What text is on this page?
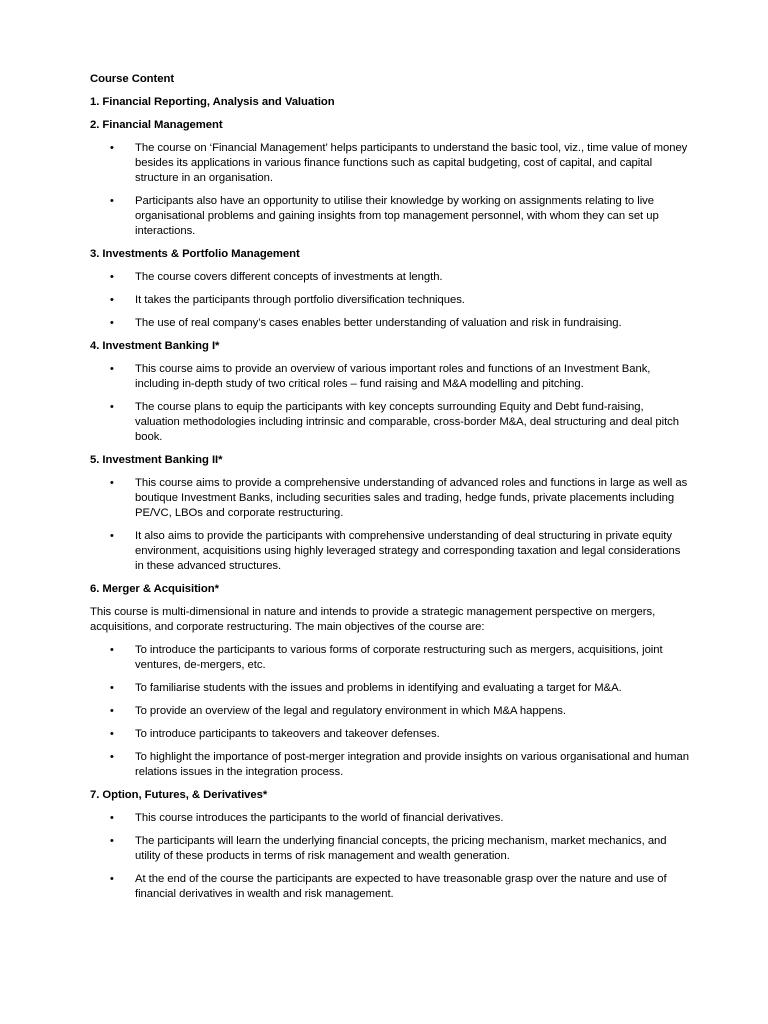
Course Content

1. Financial Reporting, Analysis and Valuation
2. Financial Management
• The course on ‘Financial Management’ helps participants to understand the basic tool, viz., time value of money besides its applications in various finance functions such as capital budgeting, cost of capital, and capital structure in an organisation.
• Participants also have an opportunity to utilise their knowledge by working on assignments relating to live organisational problems and gaining insights from top management personnel, with whom they can set up interactions.
3. Investments & Portfolio Management
• The course covers different concepts of investments at length.
• It takes the participants through portfolio diversification techniques.
• The use of real company’s cases enables better understanding of valuation and risk in fundraising.
4. Investment Banking I*
• This course aims to provide an overview of various important roles and functions of an Investment Bank, including in-depth study of two critical roles – fund raising and M&A modelling and pitching.
• The course plans to equip the participants with key concepts surrounding Equity and Debt fund-raising, valuation methodologies including intrinsic and comparable, cross-border M&A, deal structuring and deal pitch book.
5. Investment Banking II*
• This course aims to provide a comprehensive understanding of advanced roles and functions in large as well as boutique Investment Banks, including securities sales and trading, hedge funds, private placements including PE/VC, LBOs and corporate restructuring.
• It also aims to provide the participants with comprehensive understanding of deal structuring in private equity environment, acquisitions using highly leveraged strategy and corresponding taxation and legal considerations in these advanced structures.
6. Merger & Acquisition*

This course is multi-dimensional in nature and intends to provide a strategic management perspective on mergers, acquisitions, and corporate restructuring. The main objectives of the course are:

• To introduce the participants to various forms of corporate restructuring such as mergers, acquisitions, joint ventures, de-mergers, etc.
• To familiarise students with the issues and problems in identifying and evaluating a target for M&A.
• To provide an overview of the legal and regulatory environment in which M&A happens.
• To introduce participants to takeovers and takeover defenses.
• To highlight the importance of post-merger integration and provide insights on various organisational and human relations issues in the integration process.
7. Option, Futures, & Derivatives*
• This course introduces the participants to the world of financial derivatives.
• The participants will learn the underlying financial concepts, the pricing mechanism, market mechanics, and utility of these products in terms of risk management and wealth generation.
• At the end of the course the participants are expected to have treasonable grasp over the nature and use of financial derivatives in wealth and risk management.
